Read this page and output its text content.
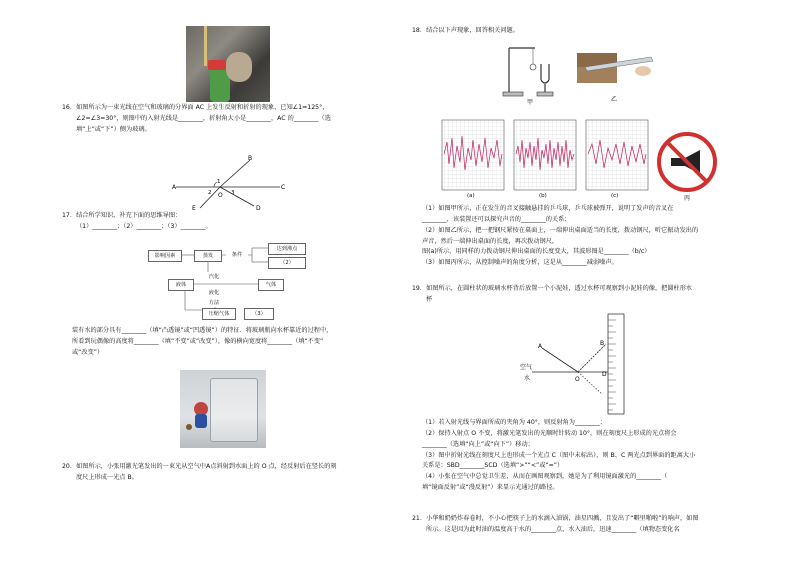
16．如图所示为一束光线在空气和玻璃的分界面 AC 上发生反射和折射的现象，已知∠1=125°，
∠2=∠3=30°，则图中的入射光线是________，折射角大小是________，AC 的________（选
填“上”或“下”）侧为玻璃。
A	C
B
D
E
O
1
2	3
17．结合所学知识，补充下面的思维导图：
（1）________；（2）________；（3）________。
影响因素	蒸发	条件
达到沸点
（2）
汽化
液体	气体
液化
方法
压缩气体	（3）
装有水的部分具有________（填“凸透镜”或“凹透镜”）的特征．将玻璃瓶向水杯靠近的过程中，
所看到玩偶像的高度将________（填“不变”或“改变”），像的横向宽度将________（填“不变”
或“改变”）
20．如图所示，小张用激光笔发出的一束光从空气中A点斜射到水面上的 O 点，经反射后在竖长的刻
度尺上形成一光点 B。
18．结合以下声现象，回答相关问题。
甲	乙
(a)	(b)	(c)	丙
（1）如图甲所示，正在发生的音叉接触悬挂的乒乓球，乒乓球被弹开，说明了发声的音叉在
________，该装置还可以探究声音的________的关系；
（2）如图乙所示，把一把钢尺紧按在桌面上，一端伸出桌面适当的长度，拨动钢尺，听它振动发出的
声音，然后一端伸出桌面的长度，再次拨动钢尺，
图(a)所示，用同样的力拨动钢尺伸出桌面的长度变大，其波形图是________（b/c）
（3）如图丙所示，从控制噪声的角度分析，这是从________减弱噪声。
19．如图所示，在圆柱状的玻璃水杯背后放置一个小泥娃，透过水杯可观察到小泥娃的像，把圆柱形水
杯
A	B
D
O
空气
水
（1）若入射光线与界面所成的夹角为 40°，则反射角为________；
（2）保持入射点 O 不变，将激光笔发出的光顺时针转动 10°，则在刻度尺上形成的光点将会
________（选填“向上”或“向下”）移动；
（3）图中折射光线在刻度尺上也形成一个光点 C（图中未标出），则 B、C 两光点到界面的距离大小
关系是：SBD________SCD（选填“>”“<”或“=”）
（4）小张在空气中总觉卫生差，从而在画图观察到，她是为了利用镜面激光的________（
填“镜面反射”或“漫反射”）来显示光通过的路径。
21．小华和奶奶炸春卷时，不小心把筷子上的水滴入油锅，油星四溅，且发出了“噼里啪啦”的响声，如图
所示。这是因为此时油的温度高于水的________点，水入油后，迅速________（填物态变化名
